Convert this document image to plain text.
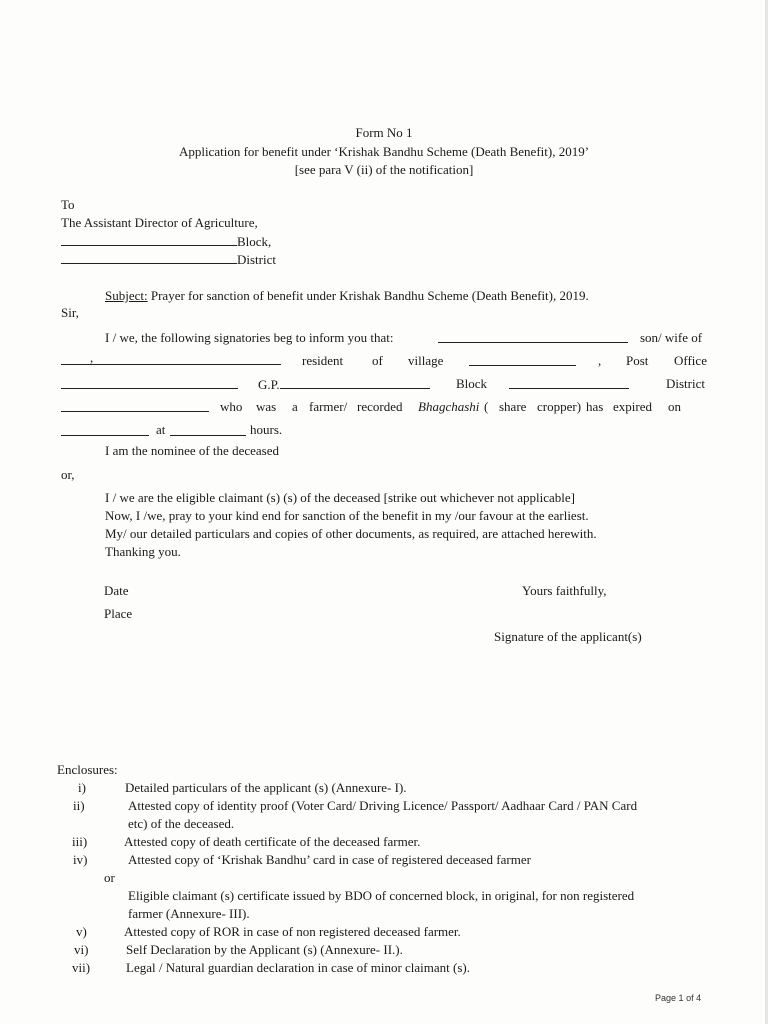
Form No 1
Application for benefit under ‘Krishak Bandhu Scheme (Death Benefit), 2019’
[see para V (ii) of the notification]
To
The Assistant Director of Agriculture,
Block,
District
Subject: Prayer for sanction of benefit under Krishak Bandhu Scheme (Death Benefit), 2019.
Sir,
I / we, the following signatories beg to inform you that:	son/ wife of
,	resident of village	, Post Office
G.P.	Block	District
who was a farmer/ recorded Bhagchashi ( share cropper) has expired on
at	hours.
I am the nominee of the deceased
or,
I / we are the eligible claimant (s) (s) of the deceased [strike out whichever not applicable]
Now, I /we, pray to your kind end for sanction of the benefit in my /our favour at the earliest.
My/ our detailed particulars and copies of other documents, as required, are attached herewith.
Thanking you.
Date	Yours faithfully,
Place
Signature of the applicant(s)
Enclosures:
i)	Detailed particulars of the applicant (s) (Annexure- I).
ii)	Attested copy of identity proof (Voter Card/ Driving Licence/ Passport/ Aadhaar Card / PAN Card
etc) of the deceased.
iii)	Attested copy of death certificate of the deceased farmer.
iv)	Attested copy of ‘Krishak Bandhu’ card in case of registered deceased farmer
or
Eligible claimant (s) certificate issued by BDO of concerned block, in original, for non registered
farmer (Annexure- III).
v)	Attested copy of ROR in case of non registered deceased farmer.
vi)	Self Declaration by the Applicant (s) (Annexure- II.).
vii)	Legal / Natural guardian declaration in case of minor claimant (s).
Page 1 of 4
